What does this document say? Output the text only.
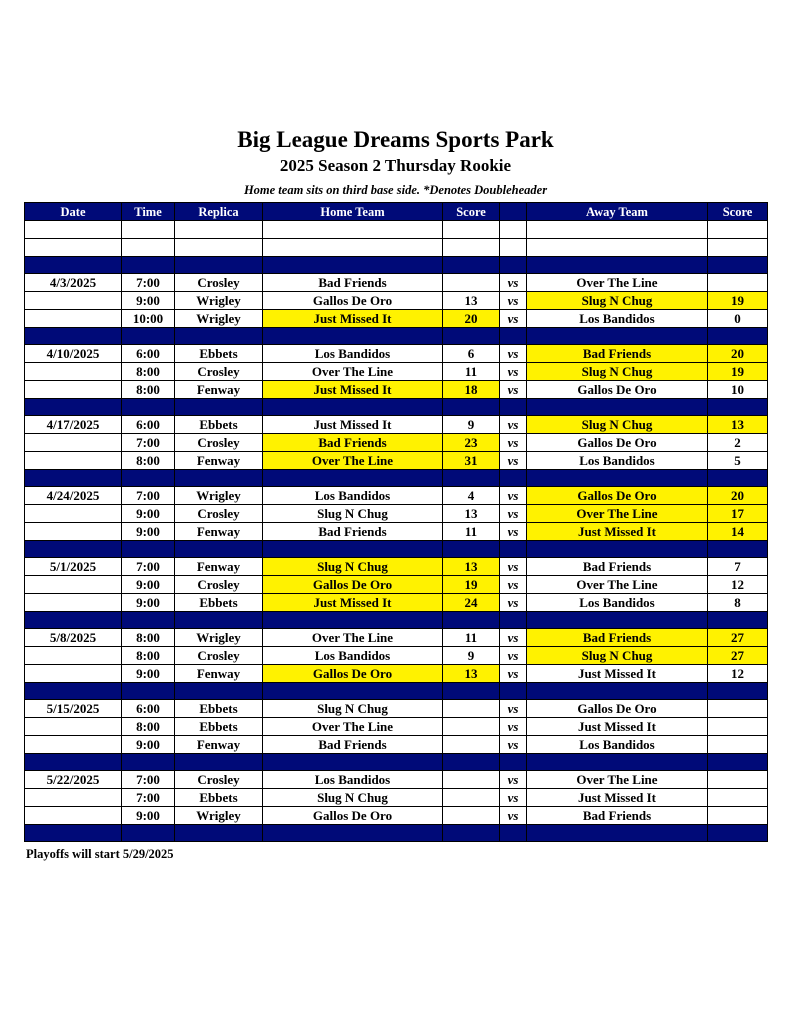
Big League Dreams Sports Park
2025 Season 2 Thursday Rookie
Home team sits on third base side. *Denotes Doubleheader
Date	Time	Replica	Home Team	Score		Away Team	Score

4/3/2025	7:00	Crosley	Bad Friends		vs	Over The Line	
	9:00	Wrigley	Gallos De Oro	13	vs	Slug N Chug	19
	10:00	Wrigley	Just Missed It	20	vs	Los Bandidos	0

4/10/2025	6:00	Ebbets	Los Bandidos	6	vs	Bad Friends	20
	8:00	Crosley	Over The Line	11	vs	Slug N Chug	19
	8:00	Fenway	Just Missed It	18	vs	Gallos De Oro	10

4/17/2025	6:00	Ebbets	Just Missed It	9	vs	Slug N Chug	13
	7:00	Crosley	Bad Friends	23	vs	Gallos De Oro	2
	8:00	Fenway	Over The Line	31	vs	Los Bandidos	5

4/24/2025	7:00	Wrigley	Los Bandidos	4	vs	Gallos De Oro	20
	9:00	Crosley	Slug N Chug	13	vs	Over The Line	17
	9:00	Fenway	Bad Friends	11	vs	Just Missed It	14

5/1/2025	7:00	Fenway	Slug N Chug	13	vs	Bad Friends	7
	9:00	Crosley	Gallos De Oro	19	vs	Over The Line	12
	9:00	Ebbets	Just Missed It	24	vs	Los Bandidos	8

5/8/2025	8:00	Wrigley	Over The Line	11	vs	Bad Friends	27
	8:00	Crosley	Los Bandidos	9	vs	Slug N Chug	27
	9:00	Fenway	Gallos De Oro	13	vs	Just Missed It	12

5/15/2025	6:00	Ebbets	Slug N Chug		vs	Gallos De Oro	
	8:00	Ebbets	Over The Line		vs	Just Missed It	
	9:00	Fenway	Bad Friends		vs	Los Bandidos	

5/22/2025	7:00	Crosley	Los Bandidos		vs	Over The Line	
	7:00	Ebbets	Slug N Chug		vs	Just Missed It	
	9:00	Wrigley	Gallos De Oro		vs	Bad Friends	

Playoffs will start 5/29/2025
